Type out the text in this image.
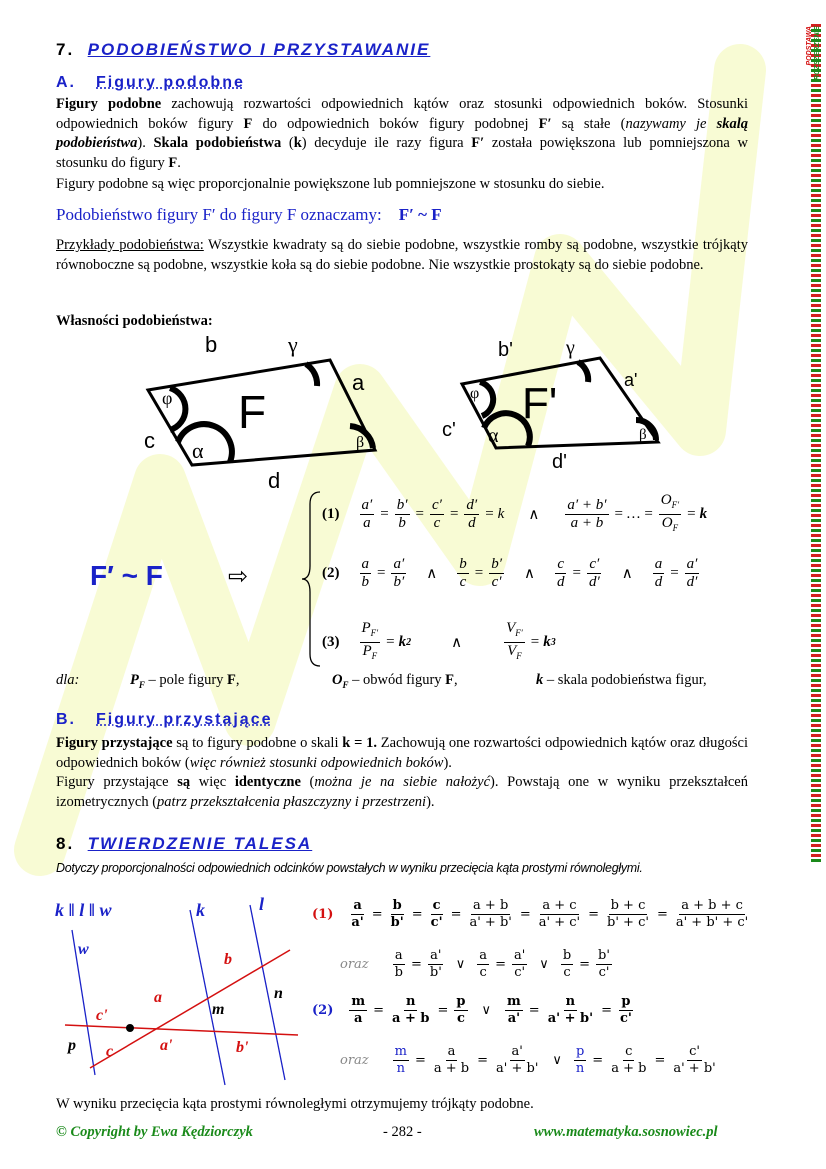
PODSTAWA ROZSZERZENIE
7. PODOBIEŃSTWO I PRZYSTAWANIE
A. Figury podobne
Figury podobne zachowują rozwartości odpowiednich kątów oraz stosunki odpowiednich boków. Stosunki odpowiednich boków figury F do odpowiednich boków figury podobnej F′ są stałe (nazywamy je skalą podobieństwa). Skala podobieństwa (k) decyduje ile razy figura F′ została powiększona lub pomniejszona w stosunku do figury F.
Figury podobne są więc proporcjonalnie powiększone lub pomniejszone w stosunku do siebie.
Podobieństwo figury F′ do figury F oznaczamy: F′ ~ F
Przykłady podobieństwa: Wszystkie kwadraty są do siebie podobne, wszystkie romby są podobne, wszystkie trójkąty równoboczne są podobne, wszystkie koła są do siebie podobne. Nie wszystkie prostokąty są do siebie podobne.
Własności podobieństwa:
b
a
c
d
F
γ
φ
α	β
b'
a'
c'
d'
F'
γ
φ
α	β
F′ ~ F	⇨
$(1) \frac{a'}{a} = \frac{b'}{b} = \frac{c'}{c} = \frac{d'}{d} = k$ ∧ $\frac{a' + b'}{a + b}$ = … = $\frac{O_{F'}}{O_F} = k$
$(2) \frac{a}{b} = \frac{a'}{b'}$ ∧ $\frac{b}{c} = \frac{b'}{c'}$ ∧ $\frac{c}{d} = \frac{c'}{d'}$ ∧ $\frac{a}{d} = \frac{a'}{d'}$
$(3) \frac{P_{F'}}{P_F} = k$ 2	∧	$\frac{V_{F'}}{V_F} = k$ 3
dla:	$P_F$ – pole figury F,	$O_F$ – obwód figury F,	k – skala podobieństwa figur,
B. Figury przystające
Figury przystające są to figury podobne o skali k = 1. Zachowują one rozwartości odpowiednich kątów oraz długości odpowiednich boków (więc również stosunki odpowiednich boków).
Figury przystające są więc identyczne (można je na siebie nałożyć). Powstają one w wyniku przekształceń izometrycznych (patrz przekształcenia płaszczyzny i przestrzeni).
8. TWIERDZENIE TALESA
Dotyczy proporcjonalności odpowiednich odcinków powstałych w wyniku przecięcia kąta prostymi równoległymi.
k ǁ l ǁ w
w
k	l
n
b
a
c'	m
p c	a'	b'
$(1) \frac{a}{a'} = \frac{b}{b'} = \frac{c}{c'} = \frac{a + b}{a' + b'} = \frac{a + c}{a' + c'} = \frac{b + c}{b' + c'} = \frac{a + b + c}{a' + b' + c'}$
oraz $\frac{a}{b} = \frac{a'}{b'}$ ∨ $\frac{a}{c} = \frac{a'}{c'}$ ∨ $\frac{b}{c} = \frac{b'}{c'}$
$(2) \frac{m}{a} = \frac{n}{a + b} = \frac{p}{c}$ ∨ $\frac{m}{a'} = \frac{n}{a' + b'} = \frac{p}{c'}$
oraz $\frac{m}{n} = \frac{a}{a + b} = \frac{a'}{a' + b'}$ ∨ $\frac{p}{n} = \frac{c}{a + b} = \frac{c'}{a' + b'}$
W wyniku przecięcia kąta prostymi równoległymi otrzymujemy trójkąty podobne.
© Copyright by Ewa Kędziorczyk	- 282 -	www.matematyka.sosnowiec.pl
